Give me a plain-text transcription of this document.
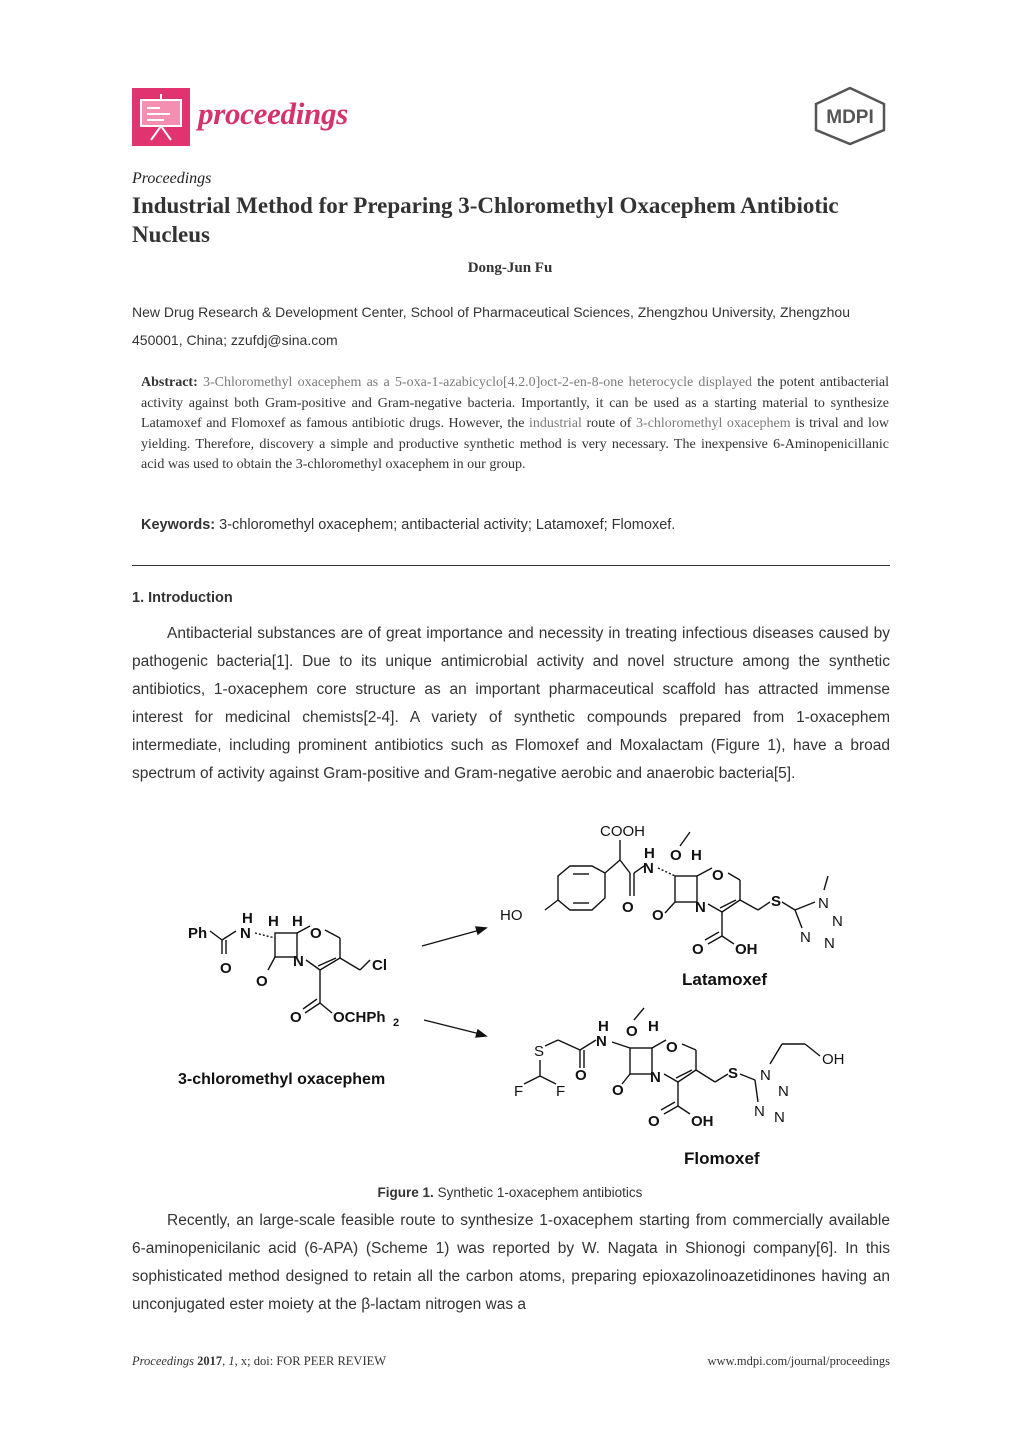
proceedings	MDPI
Proceedings
Industrial Method for Preparing 3-Chloromethyl Oxacephem Antibiotic Nucleus
Dong-Jun Fu
New Drug Research & Development Center, School of Pharmaceutical Sciences, Zhengzhou University, Zhengzhou 450001, China; zzufdj@sina.com
Abstract: 3-Chloromethyl oxacephem as a 5-oxa-1-azabicyclo[4.2.0]oct-2-en-8-one heterocycle displayed the potent antibacterial activity against both Gram-positive and Gram-negative bacteria. Importantly, it can be used as a starting material to synthesize Latamoxef and Flomoxef as famous antibiotic drugs. However, the industrial route of 3-chloromethyl oxacephem is trival and low yielding. Therefore, discovery a simple and productive synthetic method is very necessary. The inexpensive 6-Aminopenicillanic acid was used to obtain the 3-chloromethyl oxacephem in our group.
Keywords: 3-chloromethyl oxacephem; antibacterial activity; Latamoxef; Flomoxef.
1. Introduction
Antibacterial substances are of great importance and necessity in treating infectious diseases caused by pathogenic bacteria[1]. Due to its unique antimicrobial activity and novel structure among the synthetic antibiotics, 1-oxacephem core structure as an important pharmaceutical scaffold has attracted immense interest for medicinal chemists[2-4]. A variety of synthetic compounds prepared from 1-oxacephem intermediate, including prominent antibiotics such as Flomoxef and Moxalactam (Figure 1), have a broad spectrum of activity against Gram-positive and Gram-negative aerobic and anaerobic bacteria[5].
Ph
O
N
H H H
N
O
O
Cl
O OCHPh 2
3-chloromethyl oxacephem
COOH
HO	O
N
H O H
N
O
O
S N
N
N N
O OH
Latamoxef
H
N
O H
N
O
O
S N
N
N N
OH
O
S
F F
O OH
Flomoxef
Figure 1. Synthetic 1-oxacephem antibiotics
Recently, an large-scale feasible route to synthesize 1-oxacephem starting from commercially available 6-aminopenicilanic acid (6-APA) (Scheme 1) was reported by W. Nagata in Shionogi company[6]. In this sophisticated method designed to retain all the carbon atoms, preparing epioxazolinoazetidinones having an unconjugated ester moiety at the β-lactam nitrogen was a
Proceedings 2017, 1, x; doi: FOR PEER REVIEW	www.mdpi.com/journal/proceedings
